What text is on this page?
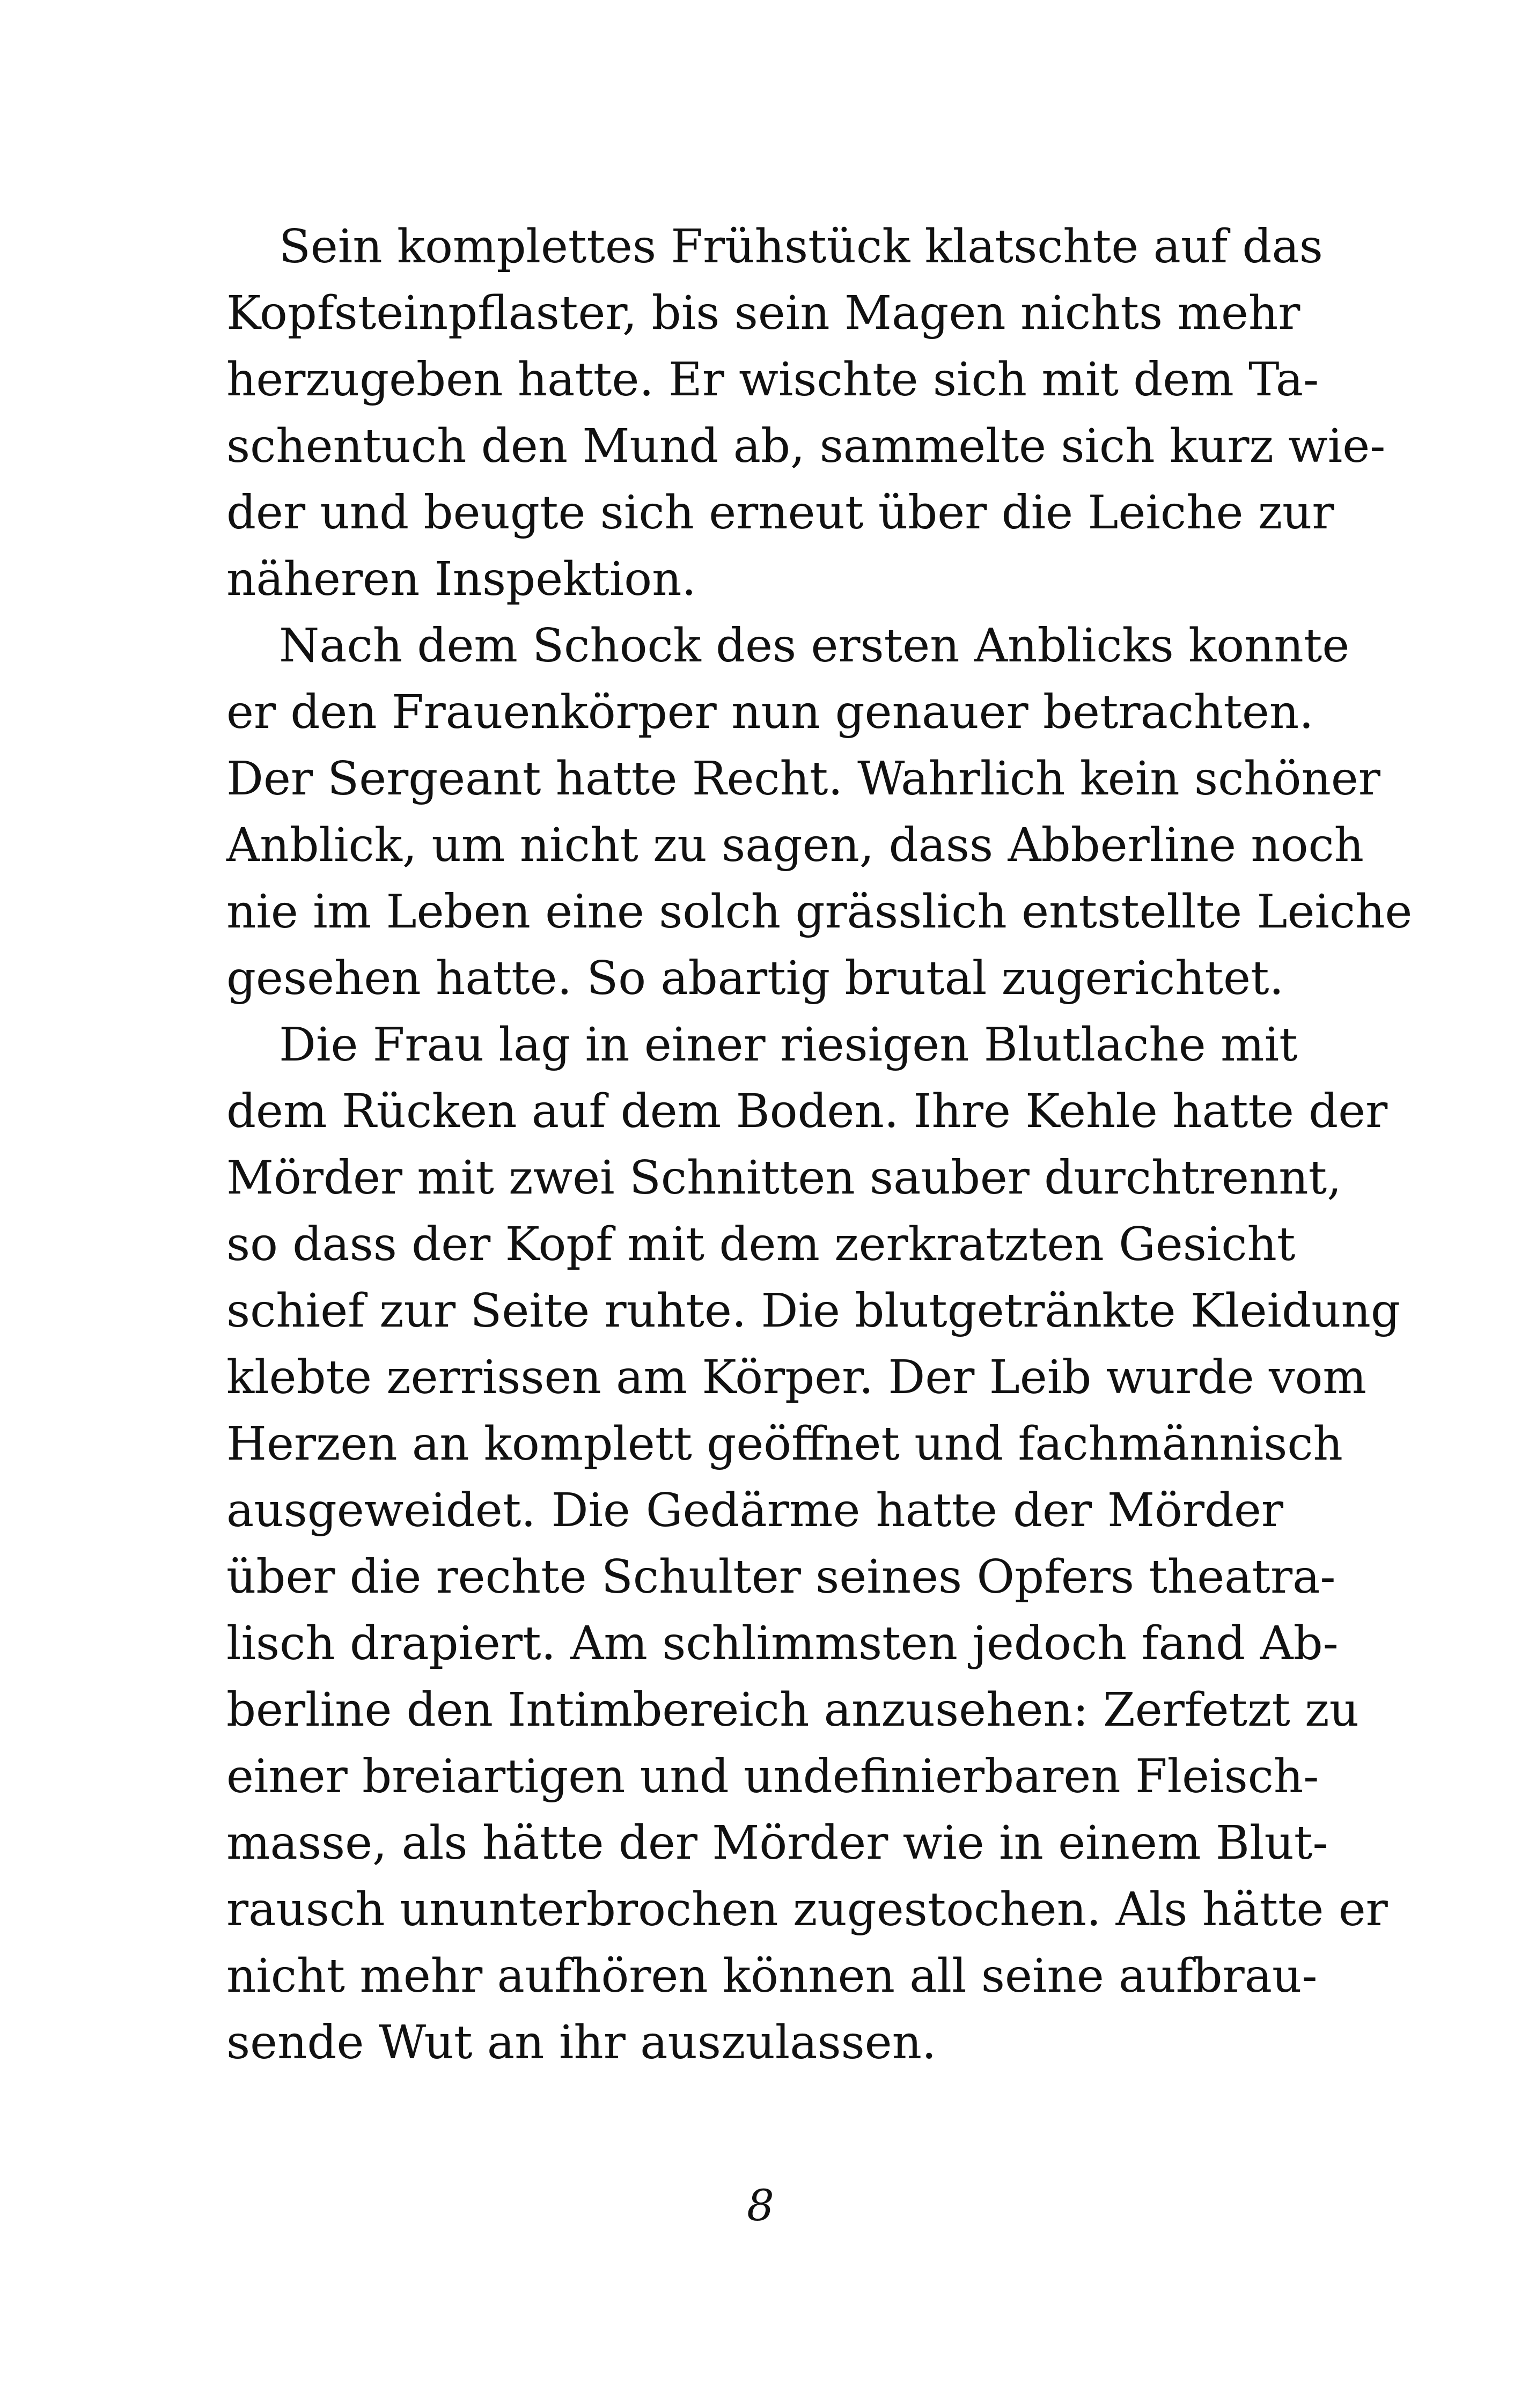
Sein komplettes Frühstück klatschte auf das
Kopfsteinpflaster, bis sein Magen nichts mehr
herzugeben hatte. Er wischte sich mit dem Ta-
schentuch den Mund ab, sammelte sich kurz wie-
der und beugte sich erneut über die Leiche zur
näheren Inspektion.
Nach dem Schock des ersten Anblicks konnte
er den Frauenkörper nun genauer betrachten.
Der Sergeant hatte Recht. Wahrlich kein schöner
Anblick, um nicht zu sagen, dass Abberline noch
nie im Leben eine solch grässlich entstellte Leiche
gesehen hatte. So abartig brutal zugerichtet.
Die Frau lag in einer riesigen Blutlache mit
dem Rücken auf dem Boden. Ihre Kehle hatte der
Mörder mit zwei Schnitten sauber durchtrennt,
so dass der Kopf mit dem zerkratzten Gesicht
schief zur Seite ruhte. Die blutgetränkte Kleidung
klebte zerrissen am Körper. Der Leib wurde vom
Herzen an komplett geöffnet und fachmännisch
ausgeweidet. Die Gedärme hatte der Mörder
über die rechte Schulter seines Opfers theatra-
lisch drapiert. Am schlimmsten jedoch fand Ab-
berline den Intimbereich anzusehen: Zerfetzt zu
einer breiartigen und undefinierbaren Fleisch-
masse, als hätte der Mörder wie in einem Blut-
rausch ununterbrochen zugestochen. Als hätte er
nicht mehr aufhören können all seine aufbrau-
sende Wut an ihr auszulassen.
8
